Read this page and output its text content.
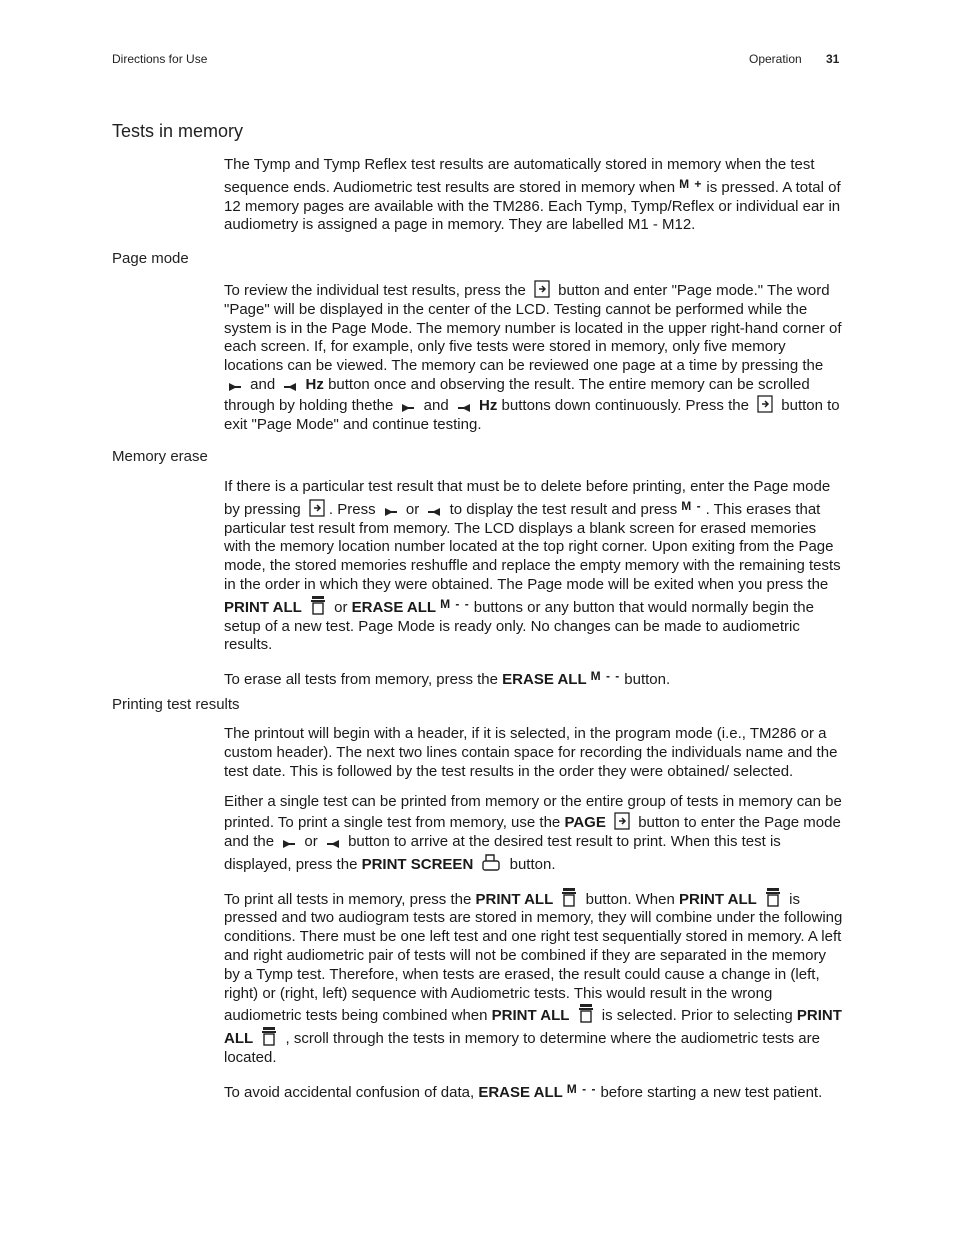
Directions for Use	Operation 31
Tests in memory

The Tymp and Tymp Reflex test results are automatically stored in memory when the test sequence ends. Audiometric test results are stored in memory when M + is pressed. A total of 12 memory pages are available with the TM286. Each Tymp, Tymp/Reflex or individual ear in audiometry is assigned a page in memory. They are labelled M1 - M12.

Page mode

To review the individual test results, press the button and enter "Page mode." The word "Page" will be displayed in the center of the LCD. Testing cannot be performed while the system is in the Page Mode. The memory number is located in the upper right-hand corner of each screen. If, for example, only five tests were stored in memory, only five memory locations can be viewed. The memory can be reviewed one page at a time by pressing the  and Hz button once and observing the result. The entire memory can be scrolled through by holding thethe and Hz buttons down continuously. Press the button to exit "Page Mode" and continue testing.

Memory erase

If there is a particular test result that must be to delete before printing, enter the Page mode by pressing . Press or to display the test result and press M - . This erases that particular test result from memory. The LCD displays a blank screen for erased memories with the memory location number located at the top right corner. Upon exiting from the Page mode, the stored memories reshuffle and replace the empty memory with the remaining tests in the order in which they were obtained. The Page mode will be exited when you press the PRINT ALL or ERASE ALL M - - buttons or any button that would normally begin the setup of a new test. Page Mode is ready only. No changes can be made to audiometric results.

To erase all tests from memory, press the ERASE ALL M - - button.

Printing test results

The printout will begin with a header, if it is selected, in the program mode (i.e., TM286 or a custom header). The next two lines contain space for recording the individuals name and the test date. This is followed by the test results in the order they were obtained/ selected.

Either a single test can be printed from memory or the entire group of tests in memory can be printed. To print a single test from memory, use the PAGE button to enter the Page mode and the or button to arrive at the desired test result to print. When this test is displayed, press the PRINT SCREEN button.

To print all tests in memory, press the PRINT ALL button. When PRINT ALL is pressed and two audiogram tests are stored in memory, they will combine under the following conditions. There must be one left test and one right test sequentially stored in memory. A left and right audiometric pair of tests will not be combined if they are separated in the memory by a Tymp test. Therefore, when tests are erased, the result could cause a change in (left, right) or (right, left) sequence with Audiometric tests. This would result in the wrong audiometric tests being combined when PRINT ALL is selected. Prior to selecting PRINT ALL , scroll through the tests in memory to determine where the audiometric tests are located.

To avoid accidental confusion of data, ERASE ALL M - - before starting a new test patient.
